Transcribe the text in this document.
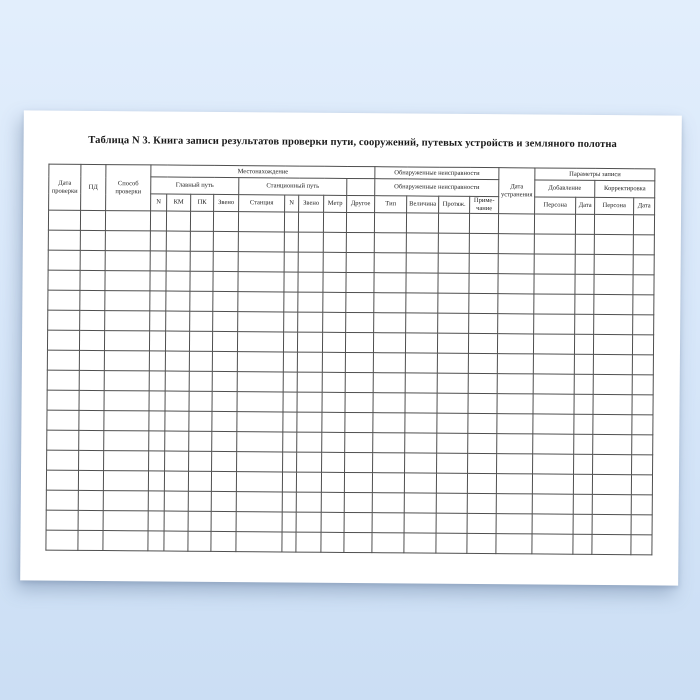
Таблица N 3. Книга записи результатов проверки пути, сооружений, путевых устройств и земляного полотна
Дата проверки	ПД	Способ проверки	Местонахождение									Обнаруженные неисправности				Дата устранения	Параметры записи			
			Главный путь				Станционный путь					Обнаруженные неисправности					Добавление		Корректировка	
			N	КМ	ПК	Звено	Станция	N	Звено	Метр	Другое	Тип	Величина	Протяж.	Приме-чание		Персона	Дата	Персона	Дата
